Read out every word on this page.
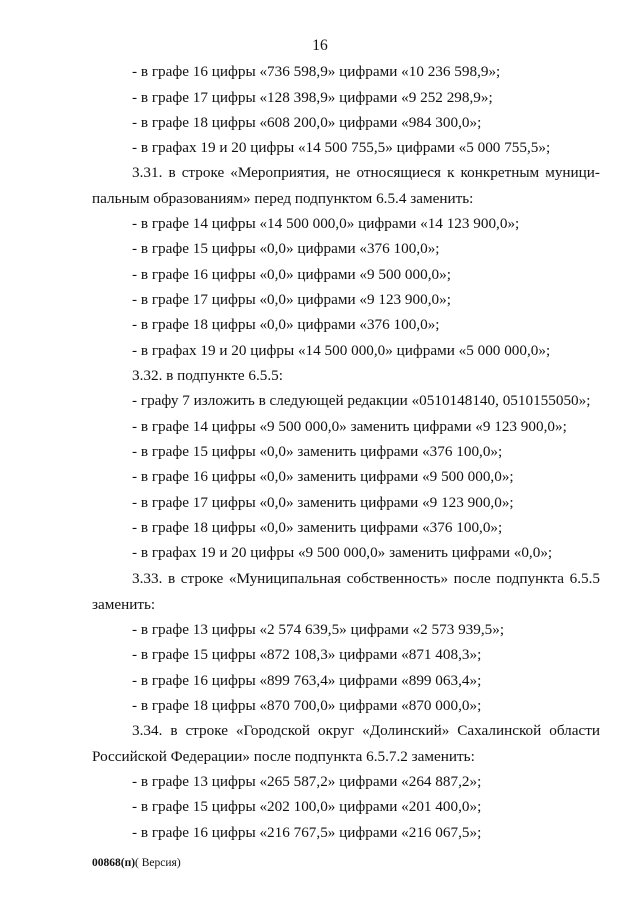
16
- в графе 16 цифры «736 598,9» цифрами «10 236 598,9»;
- в графе 17 цифры «128 398,9» цифрами «9 252 298,9»;
- в графе 18 цифры «608 200,0» цифрами «984 300,0»;
- в графах 19 и 20 цифры «14 500 755,5» цифрами «5 000 755,5»;
3.31. в строке «Мероприятия, не относящиеся к конкретным муници-
пальным образованиям» перед подпунктом 6.5.4 заменить:
- в графе 14 цифры «14 500 000,0» цифрами «14 123 900,0»;
- в графе 15 цифры «0,0» цифрами «376 100,0»;
- в графе 16 цифры «0,0» цифрами «9 500 000,0»;
- в графе 17 цифры «0,0» цифрами «9 123 900,0»;
- в графе 18 цифры «0,0» цифрами «376 100,0»;
- в графах 19 и 20 цифры «14 500 000,0» цифрами «5 000 000,0»;
3.32. в подпункте 6.5.5:
- графу 7 изложить в следующей редакции «0510148140, 0510155050»;
- в графе 14 цифры «9 500 000,0» заменить цифрами «9 123 900,0»;
- в графе 15 цифры «0,0» заменить цифрами «376 100,0»;
- в графе 16 цифры «0,0» заменить цифрами «9 500 000,0»;
- в графе 17 цифры «0,0» заменить цифрами «9 123 900,0»;
- в графе 18 цифры «0,0» заменить цифрами «376 100,0»;
- в графах 19 и 20 цифры «9 500 000,0» заменить цифрами «0,0»;
3.33. в строке «Муниципальная собственность» после подпункта 6.5.5
заменить:
- в графе 13 цифры «2 574 639,5» цифрами «2 573 939,5»;
- в графе 15 цифры «872 108,3» цифрами «871 408,3»;
- в графе 16 цифры «899 763,4» цифрами «899 063,4»;
- в графе 18 цифры «870 700,0» цифрами «870 000,0»;
3.34. в строке «Городской округ «Долинский» Сахалинской области
Российской Федерации» после подпункта 6.5.7.2 заменить:
- в графе 13 цифры «265 587,2» цифрами «264 887,2»;
- в графе 15 цифры «202 100,0» цифрами «201 400,0»;
- в графе 16 цифры «216 767,5» цифрами «216 067,5»;
00868(п)( Версия)
